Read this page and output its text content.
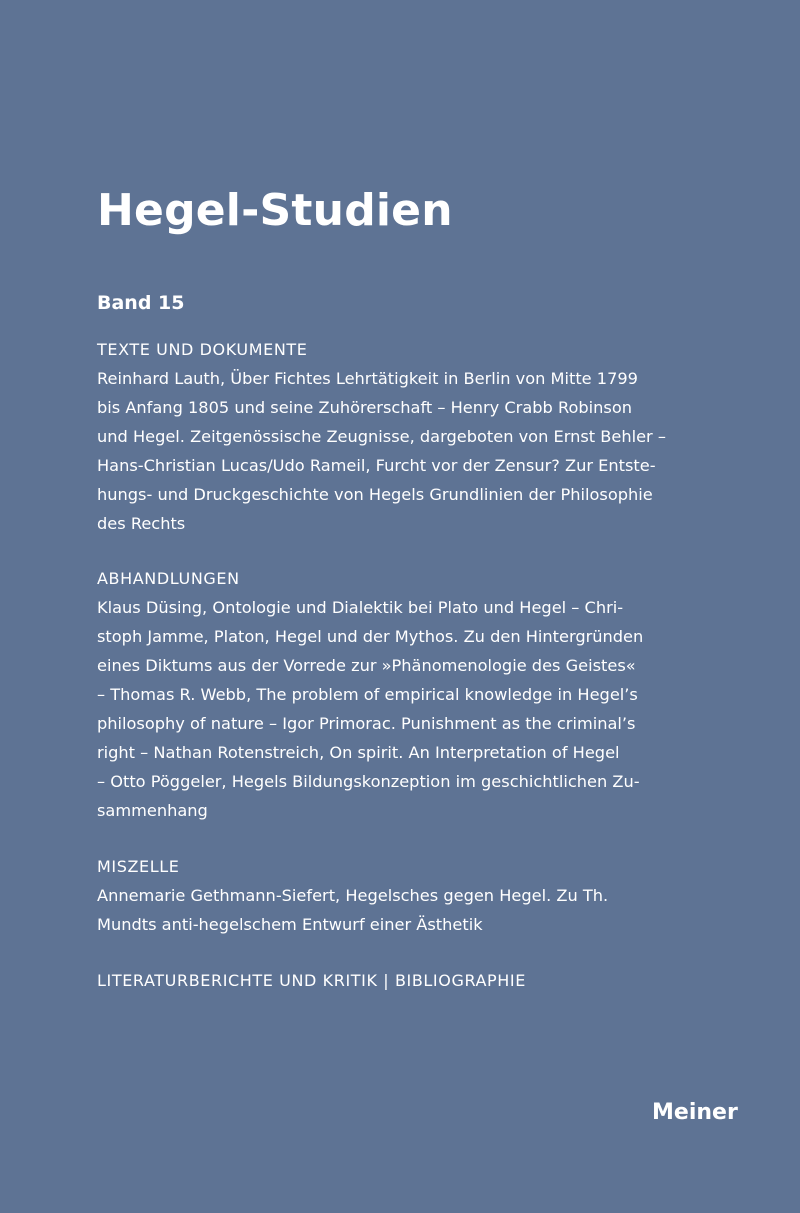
Hegel-Studien
Band 15
TEXTE UND DOKUMENTE
Reinhard Lauth, Über Fichtes Lehrtätigkeit in Berlin von Mitte 1799
bis Anfang 1805 und seine Zuhörerschaft – Henry Crabb Robinson
und Hegel. Zeitgenössische Zeugnisse, dargeboten von Ernst Behler –
Hans-Christian Lucas/Udo Rameil, Furcht vor der Zensur? Zur Entste-
hungs- und Druckgeschichte von Hegels Grundlinien der Philosophie
des Rechts
ABHANDLUNGEN
Klaus Düsing, Ontologie und Dialektik bei Plato und Hegel – Chri-
stoph Jamme, Platon, Hegel und der Mythos. Zu den Hintergründen
eines Diktums aus der Vorrede zur »Phänomenologie des Geistes«
– Thomas R. Webb, The problem of empirical knowledge in Hegel’s
philosophy of nature – Igor Primorac. Punishment as the criminal’s
right – Nathan Rotenstreich, On spirit. An Interpretation of Hegel
– Otto Pöggeler, Hegels Bildungskonzeption im geschichtlichen Zu-
sammenhang
MISZELLE
Annemarie Gethmann-Siefert, Hegelsches gegen Hegel. Zu Th.
Mundts anti-hegelschem Entwurf einer Ästhetik
LITERATURBERICHTE UND KRITIK | BIBLIOGRAPHIE
Meiner
